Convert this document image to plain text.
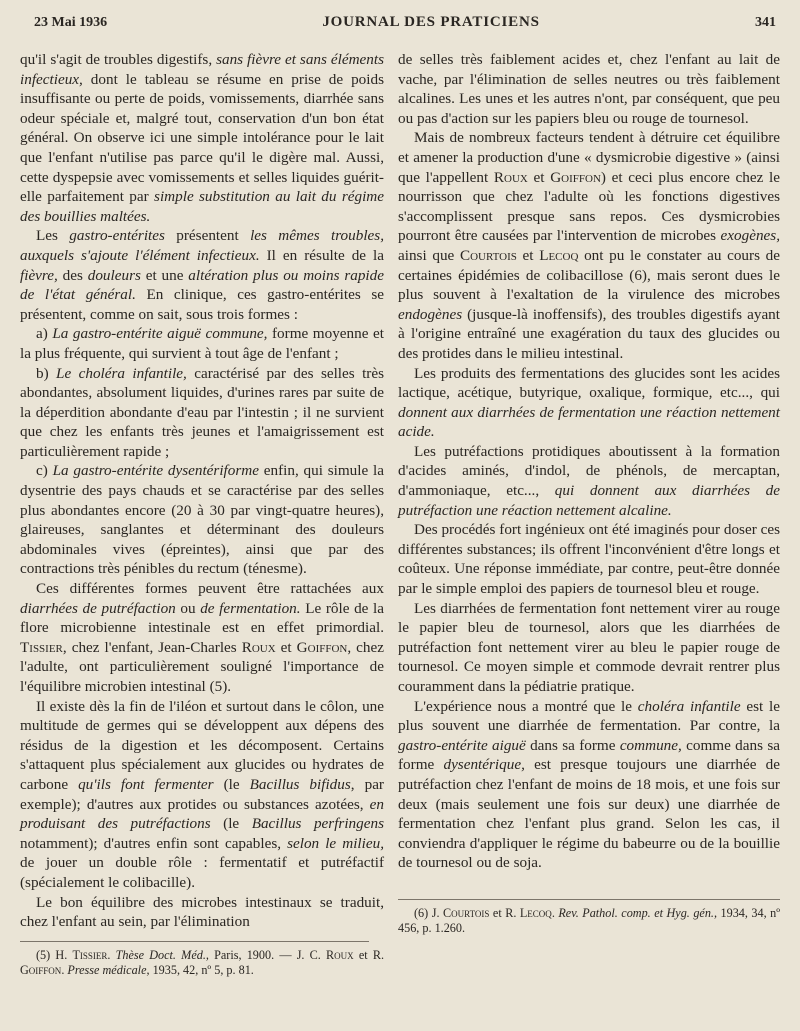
23 Mai 1936	JOURNAL DES PRATICIENS	341

qu'il s'agit de troubles digestifs, sans fièvre et sans éléments infectieux, dont le tableau se résume en prise de poids insuffisante ou perte de poids, vomissements, diarrhée sans odeur spéciale et, malgré tout, conservation d'un bon état général. On observe ici une simple intolérance pour le lait que l'enfant n'utilise pas parce qu'il le digère mal. Aussi, cette dyspepsie avec vomissements et selles liquides guérit-elle parfaitement par simple substitution au lait du régime des bouillies maltées.

Les gastro-entérites présentent les mêmes troubles, auxquels s'ajoute l'élément infectieux. Il en résulte de la fièvre, des douleurs et une altération plus ou moins rapide de l'état général. En clinique, ces gastro-entérites se présentent, comme on sait, sous trois formes :

a) La gastro-entérite aiguë commune, forme moyenne et la plus fréquente, qui survient à tout âge de l'enfant ;

b) Le choléra infantile, caractérisé par des selles très abondantes, absolument liquides, d'urines rares par suite de la déperdition abondante d'eau par l'intestin ; il ne survient que chez les enfants très jeunes et l'amaigrissement est particulièrement rapide ;

c) La gastro-entérite dysentériforme enfin, qui simule la dysentrie des pays chauds et se caractérise par des selles plus abondantes encore (20 à 30 par vingt-quatre heures), glaireuses, sanglantes et déterminant des douleurs abdominales vives (épreintes), ainsi que par des contractions très pénibles du rectum (ténesme).

Ces différentes formes peuvent être rattachées aux diarrhées de putréfaction ou de fermentation. Le rôle de la flore microbienne intestinale est en effet primordial. Tissier, chez l'enfant, Jean-Charles Roux et Goiffon, chez l'adulte, ont particulièrement souligné l'importance de l'équilibre microbien intestinal (5).

Il existe dès la fin de l'iléon et surtout dans le côlon, une multitude de germes qui se développent aux dépens des résidus de la digestion et les décomposent. Certains s'attaquent plus spécialement aux glucides ou hydrates de carbone qu'ils font fermenter (le Bacillus bifidus, par exemple); d'autres aux protides ou substances azotées, en produisant des putréfactions (le Bacillus perfringens notamment); d'autres enfin sont capables, selon le milieu, de jouer un double rôle : fermentatif et putréfactif (spécialement le colibacille).

Le bon équilibre des microbes intestinaux se traduit, chez l'enfant au sein, par l'élimination

(5) H. Tissier. Thèse Doct. Méd., Paris, 1900. — J. C. Roux et R. Goiffon. Presse médicale, 1935, 42, nº 5, p. 81.

de selles très faiblement acides et, chez l'enfant au lait de vache, par l'élimination de selles neutres ou très faiblement alcalines. Les unes et les autres n'ont, par conséquent, que peu ou pas d'action sur les papiers bleu ou rouge de tournesol.

Mais de nombreux facteurs tendent à détruire cet équilibre et amener la production d'une « dysmicrobie digestive » (ainsi que l'appellent Roux et Goiffon) et ceci plus encore chez le nourrisson que chez l'adulte où les fonctions digestives s'accomplissent presque sans repos. Ces dysmicrobies pourront être causées par l'intervention de microbes exogènes, ainsi que Courtois et Lecoq ont pu le constater au cours de certaines épidémies de colibacillose (6), mais seront dues le plus souvent à l'exaltation de la virulence des microbes endogènes (jusque-là inoffensifs), des troubles digestifs ayant à l'origine entraîné une exagération du taux des glucides ou des protides dans le milieu intestinal.

Les produits des fermentations des glucides sont les acides lactique, acétique, butyrique, oxalique, formique, etc..., qui donnent aux diarrhées de fermentation une réaction nettement acide.

Les putréfactions protidiques aboutissent à la formation d'acides aminés, d'indol, de phénols, de mercaptan, d'ammoniaque, etc..., qui donnent aux diarrhées de putréfaction une réaction nettement alcaline.

Des procédés fort ingénieux ont été imaginés pour doser ces différentes substances; ils offrent l'inconvénient d'être longs et coûteux. Une réponse immédiate, par contre, peut-être donnée par le simple emploi des papiers de tournesol bleu et rouge.

Les diarrhées de fermentation font nettement virer au rouge le papier bleu de tournesol, alors que les diarrhées de putréfaction font nettement virer au bleu le papier rouge de tournesol. Ce moyen simple et commode devrait rentrer plus couramment dans la pédiatrie pratique.

L'expérience nous a montré que le choléra infantile est le plus souvent une diarrhée de fermentation. Par contre, la gastro-entérite aiguë dans sa forme commune, comme dans sa forme dysentérique, est presque toujours une diarrhée de putréfaction chez l'enfant de moins de 18 mois, et une fois sur deux (mais seulement une fois sur deux) une diarrhée de fermentation chez l'enfant plus grand. Selon les cas, il conviendra d'appliquer le régime du babeurre ou de la bouillie de tournesol ou de soja.

(6) J. Courtois et R. Lecoq. Rev. Pathol. comp. et Hyg. gén., 1934, 34, nº 456, p. 1.260.
